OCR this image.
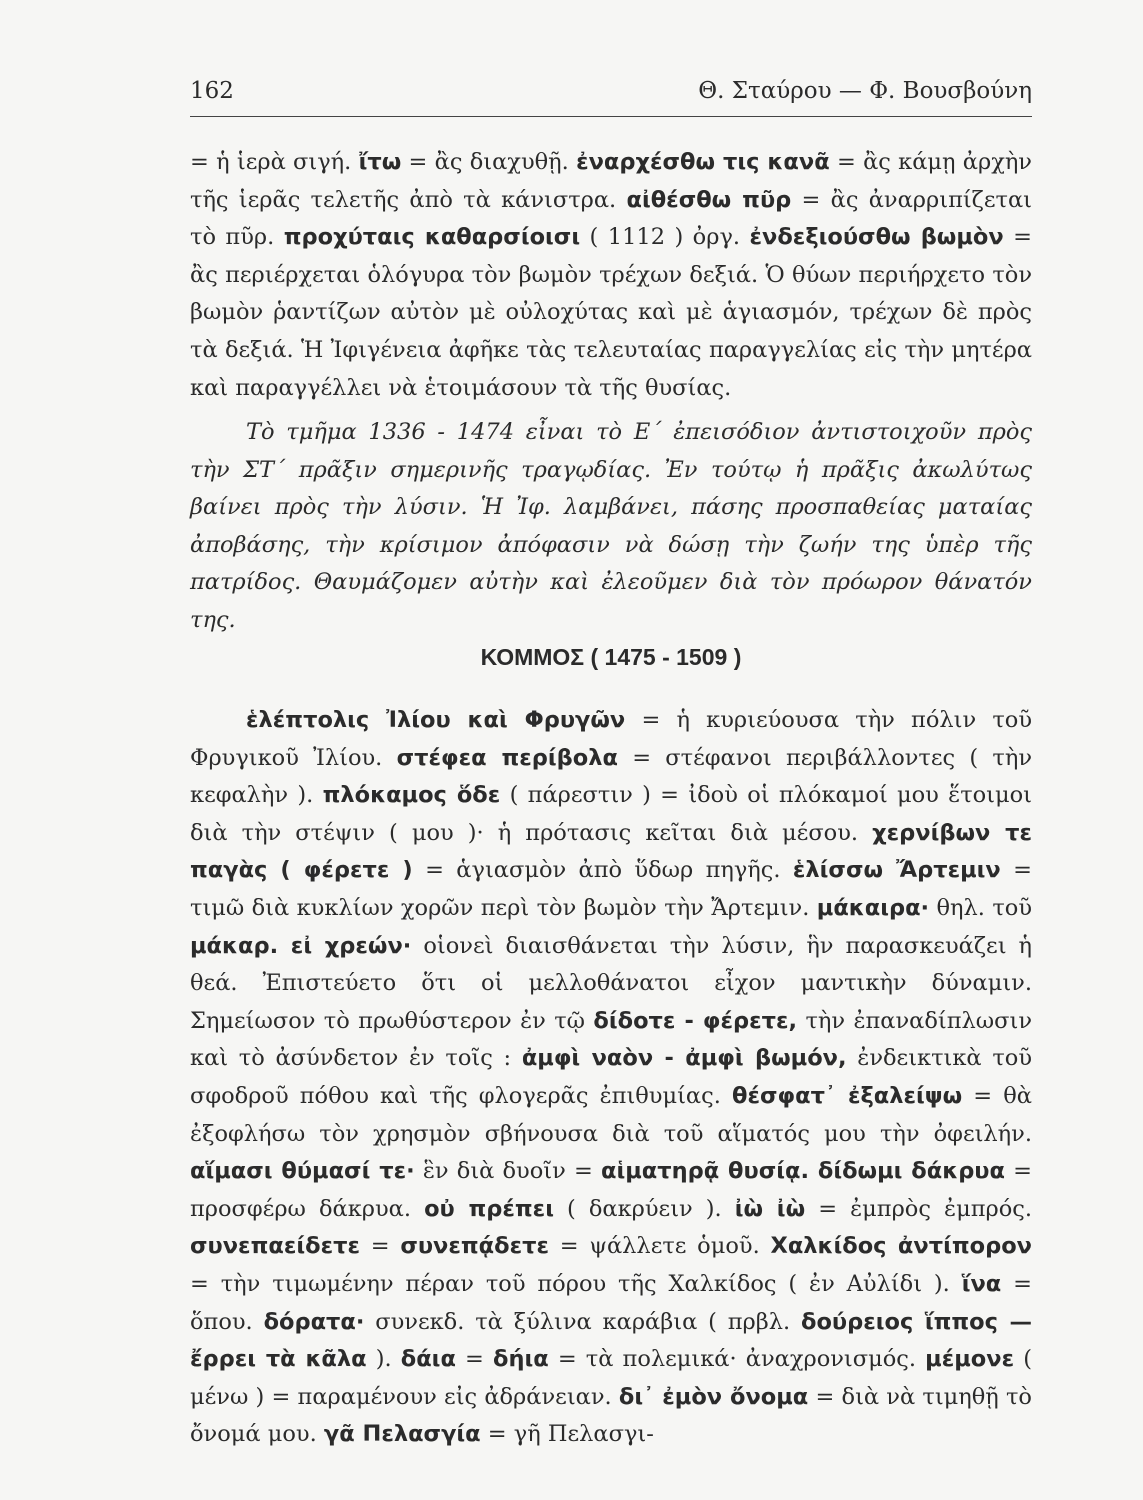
162	Θ. Σταύρου — Φ. Βουσβούνη

= ἡ ἱερὰ σιγή. ἴτω = ἂς διαχυθῇ. ἐναρχέσθω τις κανᾶ = ἂς κάμῃ ἀρχὴν τῆς ἱερᾶς τελετῆς ἀπὸ τὰ κάνιστρα. αἰθέσθω πῦρ = ἂς ἀναρριπίζεται τὸ πῦρ. προχύταις καθαρσίοισι ( 1112 ) ὀργ. ἐνδεξιούσθω βωμὸν = ἂς περιέρχεται ὁλόγυρα τὸν βωμὸν τρέχων δεξιά. Ὁ θύων περιήρχετο τὸν βωμὸν ῥαντίζων αὐτὸν μὲ οὐλοχύτας καὶ μὲ ἁγιασμόν, τρέχων δὲ πρὸς τὰ δεξιά. Ἡ Ἰφιγένεια ἀφῆκε τὰς τελευταίας παραγγελίας εἰς τὴν μητέρα καὶ παραγγέλλει νὰ ἑτοιμάσουν τὰ τῆς θυσίας.

Τὸ τμῆμα 1336 - 1474 εἶναι τὸ Ε΄ ἐπεισόδιον ἀντιστοιχοῦν πρὸς τὴν ΣΤ΄ πρᾶξιν σημερινῆς τραγῳδίας. Ἐν τούτῳ ἡ πρᾶξις ἀκωλύτως βαίνει πρὸς τὴν λύσιν. Ἡ Ἰφ. λαμβάνει, πάσης προσπαθείας ματαίας ἀποβάσης, τὴν κρίσιμον ἀπόφασιν νὰ δώσῃ τὴν ζωήν της ὑπὲρ τῆς πατρίδος. Θαυμάζομεν αὐτὴν καὶ ἐλεοῦμεν διὰ τὸν πρόωρον θάνατόν της.

ΚΟΜΜΟΣ ( 1475 - 1509 )

ἑλέπτολις Ἰλίου καὶ Φρυγῶν = ἡ κυριεύουσα τὴν πόλιν τοῦ Φρυγικοῦ Ἰλίου. στέφεα περίβολα = στέφανοι περιβάλλοντες ( τὴν κεφαλὴν ). πλόκαμος ὅδε ( πάρεστιν ) = ἰδοὺ οἱ πλόκαμοί μου ἕτοιμοι διὰ τὴν στέψιν ( μου )· ἡ πρότασις κεῖται διὰ μέσου. χερνίβων τε παγὰς ( φέρετε ) = ἁγιασμὸν ἀπὸ ὕδωρ πηγῆς. ἑλίσσω Ἄρτεμιν = τιμῶ διὰ κυκλίων χορῶν περὶ τὸν βωμὸν τὴν Ἄρτεμιν. μάκαιρα· θηλ. τοῦ μάκαρ. εἰ χρεών· οἱονεὶ διαισθάνεται τὴν λύσιν, ἣν παρασκευάζει ἡ θεά. Ἐπιστεύετο ὅτι οἱ μελλοθάνατοι εἶχον μαντικὴν δύναμιν. Σημείωσον τὸ πρωθύστερον ἐν τῷ δίδοτε - φέρετε, τὴν ἐπαναδίπλωσιν καὶ τὸ ἀσύνδετον ἐν τοῖς : ἀμφὶ ναὸν - ἀμφὶ βωμόν, ἐνδεικτικὰ τοῦ σφοδροῦ πόθου καὶ τῆς φλογερᾶς ἐπιθυμίας. θέσφατ᾽ ἐξαλείψω = θὰ ἐξοφλήσω τὸν χρησμὸν σβήνουσα διὰ τοῦ αἵματός μου τὴν ὀφειλήν. αἵμασι θύμασί τε· ἓν διὰ δυοῖν = αἱματηρᾷ θυσίᾳ. δίδωμι δάκρυα = προσφέρω δάκρυα. οὐ πρέπει ( δακρύειν ). ἰὼ ἰὼ = ἐμπρὸς ἐμπρός. συνεπαείδετε = συνεπᾴδετε = ψάλλετε ὁμοῦ. Χαλκίδος ἀντίπορον = τὴν τιμωμένην πέραν τοῦ πόρου τῆς Χαλκίδος ( ἐν Αὐλίδι ). ἵνα = ὅπου. δόρατα· συνεκδ. τὰ ξύλινα καράβια ( πρβλ. δούρειος ἵππος — ἔρρει τὰ κᾶλα ). δάια = δήια = τὰ πολεμικά· ἀναχρονισμός. μέμονε ( μένω ) = παραμένουν εἰς ἀδράνειαν. δι᾽ ἐμὸν ὄνομα = διὰ νὰ τιμηθῇ τὸ ὄνομά μου. γᾶ Πελασγία = γῆ Πελασγι-
